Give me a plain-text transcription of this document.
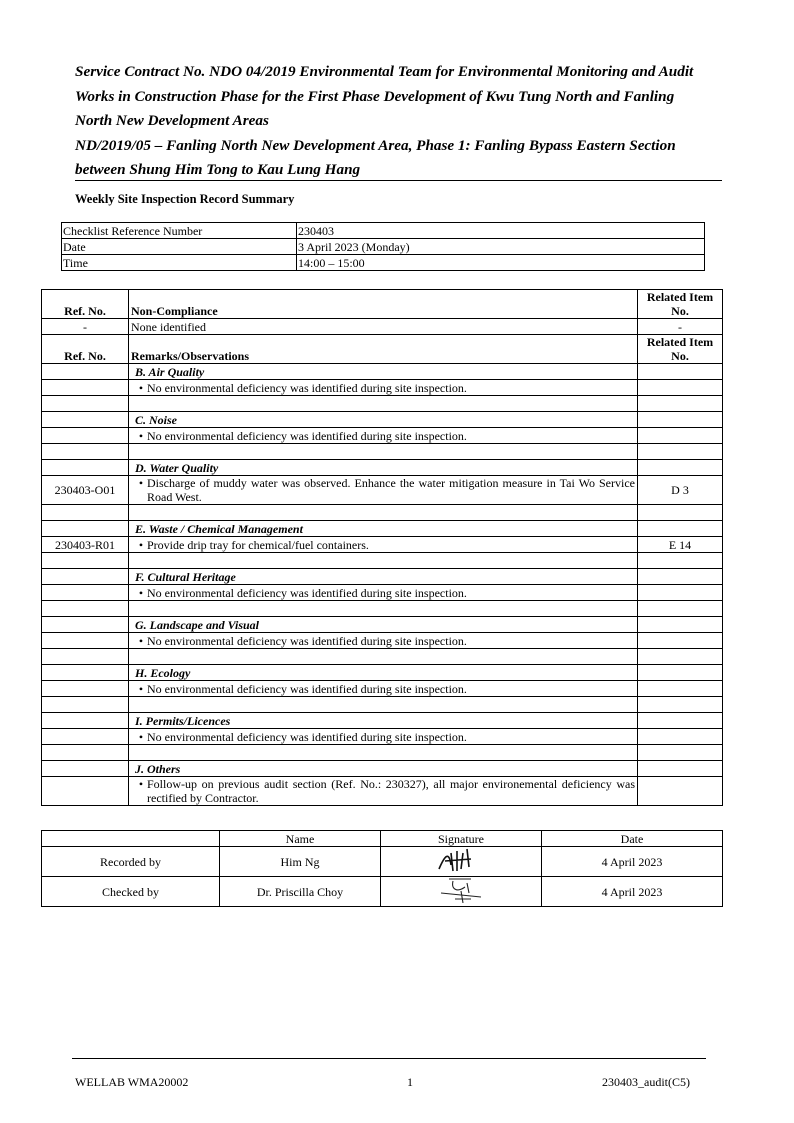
Service Contract No. NDO 04/2019 Environmental Team for Environmental Monitoring and Audit Works in Construction Phase for the First Phase Development of Kwu Tung North and Fanling North New Development Areas
ND/2019/05 – Fanling North New Development Area, Phase 1: Fanling Bypass Eastern Section between Shung Him Tong to Kau Lung Hang
Weekly Site Inspection Record Summary
Checklist Reference Number	230403
Date	3 April 2023 (Monday)
Time	14:00 – 15:00
Ref. No.	Non-Compliance	Related Item No.
-	None identified	-
Ref. No.	Remarks/Observations	Related Item No.
	B. Air Quality	
	• No environmental deficiency was identified during site inspection.	

	C. Noise	
	• No environmental deficiency was identified during site inspection.	

	D. Water Quality	
230403-O01	• Discharge of muddy water was observed. Enhance the water mitigation measure in Tai Wo Service Road West.	D 3

	E. Waste / Chemical Management	
230403-R01	• Provide drip tray for chemical/fuel containers.	E 14

	F. Cultural Heritage	
	• No environmental deficiency was identified during site inspection.	

	G. Landscape and Visual	
	• No environmental deficiency was identified during site inspection.	

	H. Ecology	
	• No environmental deficiency was identified during site inspection.	

	I. Permits/Licences	
	• No environmental deficiency was identified during site inspection.	

	J. Others	
	• Follow-up on previous audit section (Ref. No.: 230327), all major environemental deficiency was rectified by Contractor.	
	Name	Signature	Date
Recorded by	Him Ng		4 April 2023
Checked by	Dr. Priscilla Choy		4 April 2023
WELLAB WMA20002	1	230403_audit(C5)
